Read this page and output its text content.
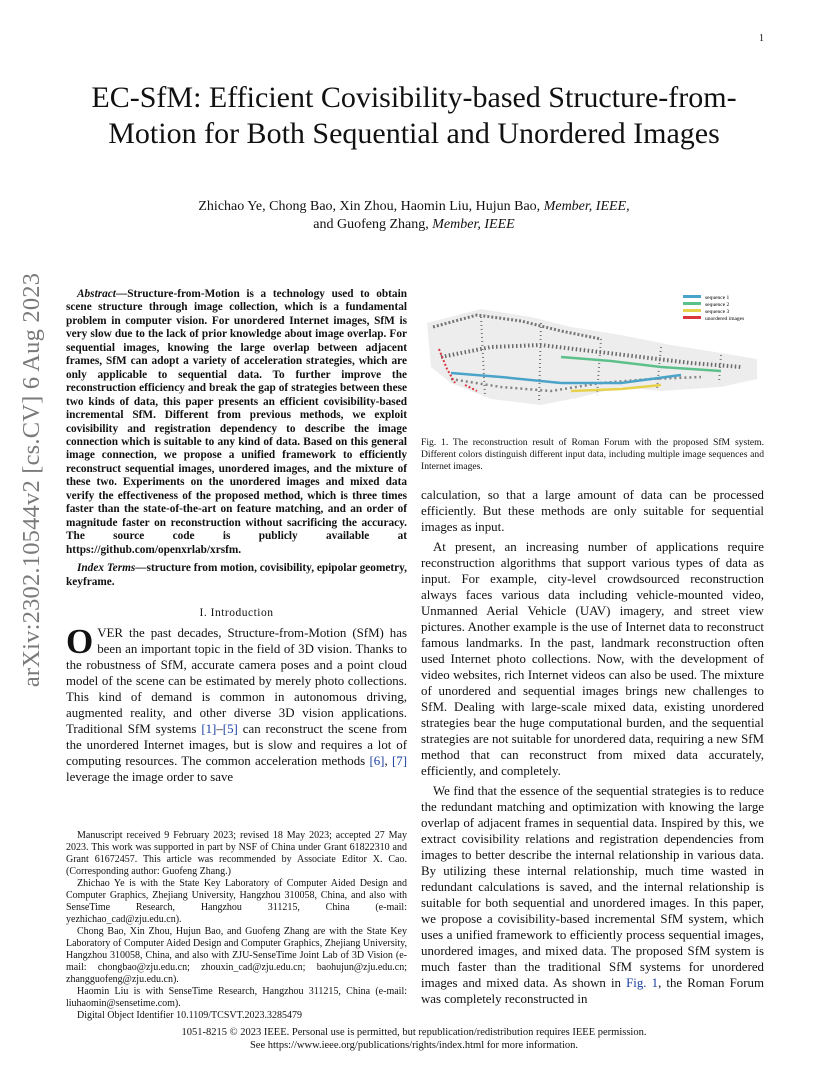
1
arXiv:2302.10544v2 [cs.CV] 6 Aug 2023
EC-SfM: Efficient Covisibility-based Structure-from-Motion for Both Sequential and Unordered Images
Zhichao Ye, Chong Bao, Xin Zhou, Haomin Liu, Hujun Bao, Member, IEEE,
and Guofeng Zhang, Member, IEEE

Abstract—Structure-from-Motion is a technology used to obtain scene structure through image collection, which is a fundamental problem in computer vision. For unordered Internet images, SfM is very slow due to the lack of prior knowledge about image overlap. For sequential images, knowing the large overlap between adjacent frames, SfM can adopt a variety of acceleration strategies, which are only applicable to sequential data. To further improve the reconstruction efficiency and break the gap of strategies between these two kinds of data, this paper presents an efficient covisibility-based incremental SfM. Different from previous methods, we exploit covisibility and registration dependency to describe the image connection which is suitable to any kind of data. Based on this general image connection, we propose a unified framework to efficiently reconstruct sequential images, unordered images, and the mixture of these two. Experiments on the unordered images and mixed data verify the effectiveness of the proposed method, which is three times faster than the state-of-the-art on feature matching, and an order of magnitude faster on reconstruction without sacrificing the accuracy. The source code is publicly available at https://github.com/openxrlab/xrsfm.

Index Terms—structure from motion, covisibility, epipolar geometry, keyframe.

I. Introduction

OVER the past decades, Structure-from-Motion (SfM) has been an important topic in the field of 3D vision. Thanks to the robustness of SfM, accurate camera poses and a point cloud model of the scene can be estimated by merely photo collections. This kind of demand is common in autonomous driving, augmented reality, and other diverse 3D vision applications. Traditional SfM systems [1]–[5] can reconstruct the scene from the unordered Internet images, but is slow and requires a lot of computing resources. The common acceleration methods [6], [7] leverage the image order to save

Manuscript received 9 February 2023; revised 18 May 2023; accepted 27 May 2023. This work was supported in part by NSF of China under Grant 61822310 and Grant 61672457. This article was recommended by Associate Editor X. Cao. (Corresponding author: Guofeng Zhang.)

Zhichao Ye is with the State Key Laboratory of Computer Aided Design and Computer Graphics, Zhejiang University, Hangzhou 310058, China, and also with SenseTime Research, Hangzhou 311215, China (e-mail: yezhichao_cad@zju.edu.cn).

Chong Bao, Xin Zhou, Hujun Bao, and Guofeng Zhang are with the State Key Laboratory of Computer Aided Design and Computer Graphics, Zhejiang University, Hangzhou 310058, China, and also with ZJU-SenseTime Joint Lab of 3D Vision (e-mail: chongbao@zju.edu.cn; zhouxin_cad@zju.edu.cn; baohujun@zju.edu.cn; zhangguofeng@zju.edu.cn).

Haomin Liu is with SenseTime Research, Hangzhou 311215, China (e-mail: liuhaomin@sensetime.com).

Digital Object Identifier 10.1109/TCSVT.2023.3285479

sequence 1
sequence 2
sequence 3
unordered images

Fig. 1. The reconstruction result of Roman Forum with the proposed SfM system. Different colors distinguish different input data, including multiple image sequences and Internet images.

calculation, so that a large amount of data can be processed efficiently. But these methods are only suitable for sequential images as input.

At present, an increasing number of applications require reconstruction algorithms that support various types of data as input. For example, city-level crowdsourced reconstruction always faces various data including vehicle-mounted video, Unmanned Aerial Vehicle (UAV) imagery, and street view pictures. Another example is the use of Internet data to reconstruct famous landmarks. In the past, landmark reconstruction often used Internet photo collections. Now, with the development of video websites, rich Internet videos can also be used. The mixture of unordered and sequential images brings new challenges to SfM. Dealing with large-scale mixed data, existing unordered strategies bear the huge computational burden, and the sequential strategies are not suitable for unordered data, requiring a new SfM method that can reconstruct from mixed data accurately, efficiently, and completely.

We find that the essence of the sequential strategies is to reduce the redundant matching and optimization with knowing the large overlap of adjacent frames in sequential data. Inspired by this, we extract covisibility relations and registration dependencies from images to better describe the internal relationship in various data. By utilizing these internal relationship, much time wasted in redundant calculations is saved, and the internal relationship is suitable for both sequential and unordered images. In this paper, we propose a covisibility-based incremental SfM system, which uses a unified framework to efficiently process sequential images, unordered images, and mixed data. The proposed SfM system is much faster than the traditional SfM systems for unordered images and mixed data. As shown in Fig. 1, the Roman Forum was completely reconstructed in

1051-8215 © 2023 IEEE. Personal use is permitted, but republication/redistribution requires IEEE permission.
See https://www.ieee.org/publications/rights/index.html for more information.
